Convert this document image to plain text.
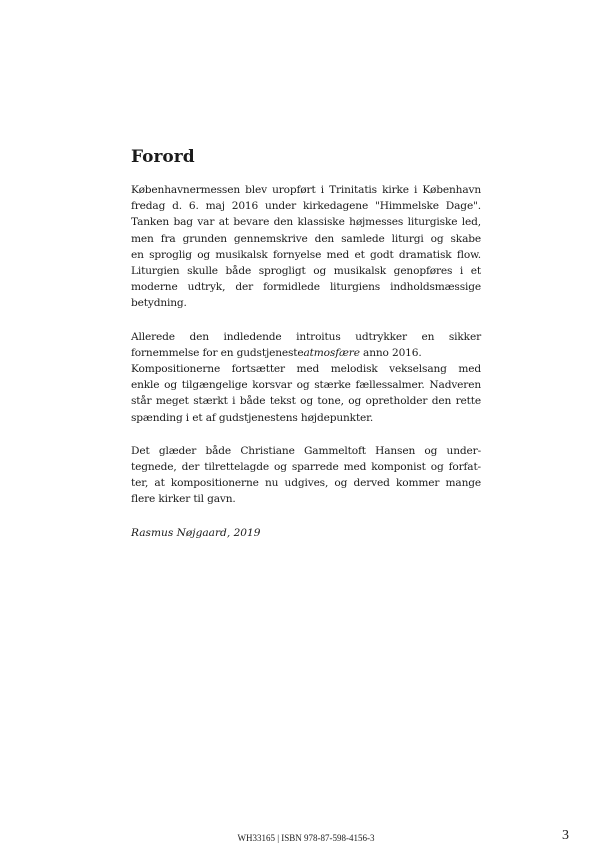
Forord

Københavnermessen blev uropført i Trinitatis kirke i København
fredag d. 6. maj 2016 under kirkedagene "Himmelske Dage".
Tanken bag var at bevare den klassiske højmesses liturgiske led,
men fra grunden gennemskrive den samlede liturgi og skabe
en sproglig og musikalsk fornyelse med et godt dramatisk flow.
Liturgien skulle både sprogligt og musikalsk genopføres i et
moderne udtryk, der formidlede liturgiens indholdsmæssige
betydning.

Allerede den indledende introitus udtrykker en sikker
fornemmelse for en gudstjenesteatmosfære anno 2016.
Kompositionerne fortsætter med melodisk vekselsang med
enkle og tilgængelige korsvar og stærke fællessalmer. Nadveren
står meget stærkt i både tekst og tone, og opretholder den rette
spænding i et af gudstjenestens højdepunkter.

Det glæder både Christiane Gammeltoft Hansen og under-
tegnede, der tilrettelagde og sparrede med komponist og forfat-
ter, at kompositionerne nu udgives, og derved kommer mange
flere kirker til gavn.

Rasmus Nøjgaard, 2019

WH33165 | ISBN 978-87-598-4156-3	3
